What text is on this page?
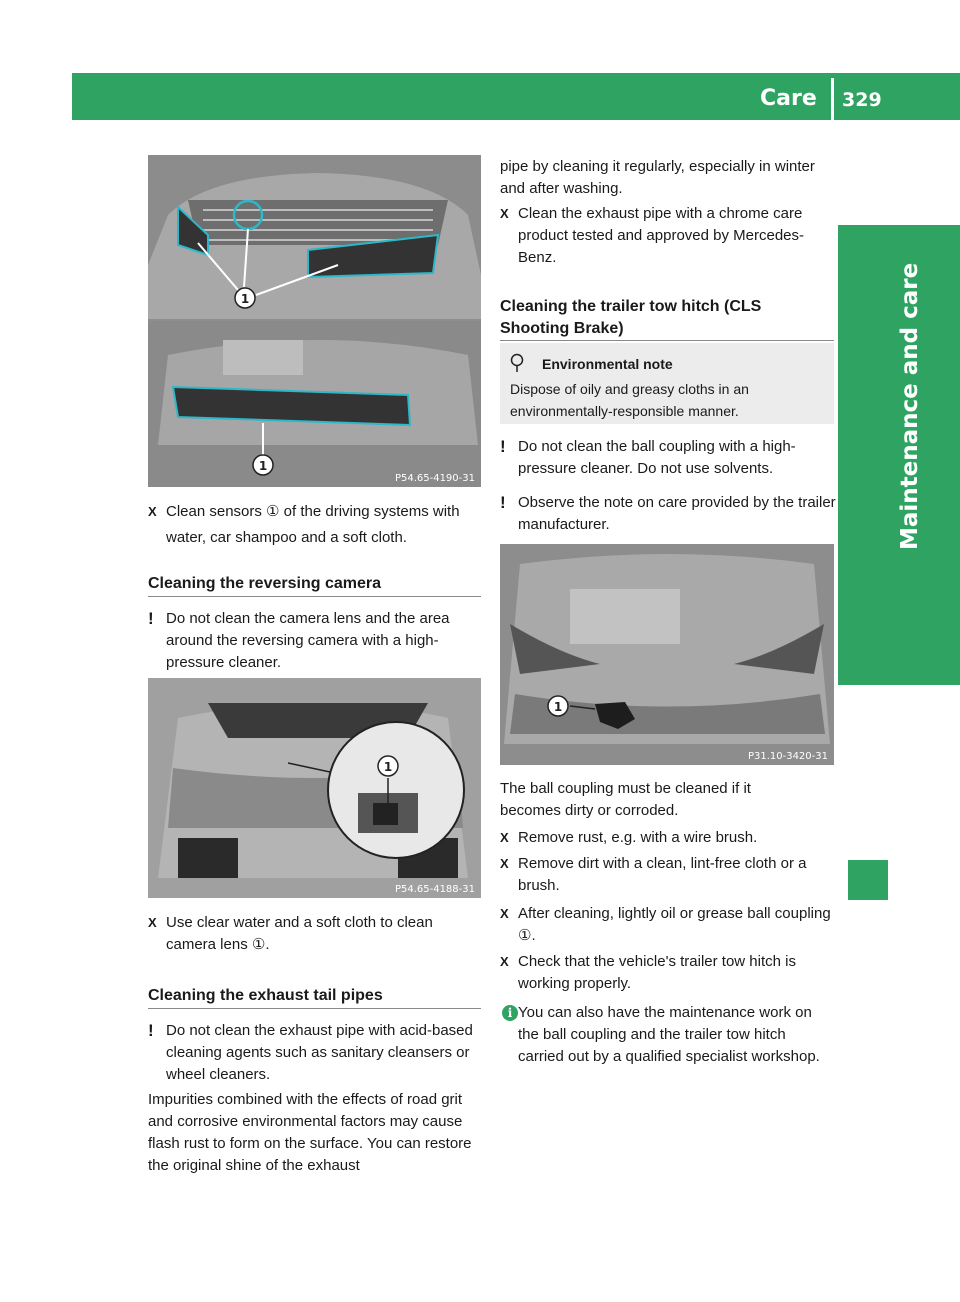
Care 329
Maintenance and care
1
1
P54.65-4190-31
X Clean sensors ① of the driving systems with water, car shampoo and a soft cloth.
Cleaning the reversing camera
! Do not clean the camera lens and the area around the reversing camera with a high-pressure cleaner.
1
P54.65-4188-31
X Use clear water and a soft cloth to clean camera lens ①.
Cleaning the exhaust tail pipes
! Do not clean the exhaust pipe with acid-based cleaning agents such as sanitary cleansers or wheel cleaners.
Impurities combined with the effects of road grit and corrosive environmental factors may cause flash rust to form on the surface. You can restore the original shine of the exhaust
pipe by cleaning it regularly, especially in winter and after washing.
X Clean the exhaust pipe with a chrome care product tested and approved by Mercedes-Benz.
Cleaning the trailer tow hitch (CLS
Shooting Brake)
Environmental note
Dispose of oily and greasy cloths in an environmentally-responsible manner.
! Do not clean the ball coupling with a high-pressure cleaner. Do not use solvents.
! Observe the note on care provided by the trailer manufacturer.
1
P31.10-3420-31
The ball coupling must be cleaned if it becomes dirty or corroded.
X Remove rust, e.g. with a wire brush.
X Remove dirt with a clean, lint-free cloth or a brush.
X After cleaning, lightly oil or grease ball coupling ①.
X Check that the vehicle's trailer tow hitch is working properly.
i You can also have the maintenance work on the ball coupling and the trailer tow hitch carried out by a qualified specialist workshop.
